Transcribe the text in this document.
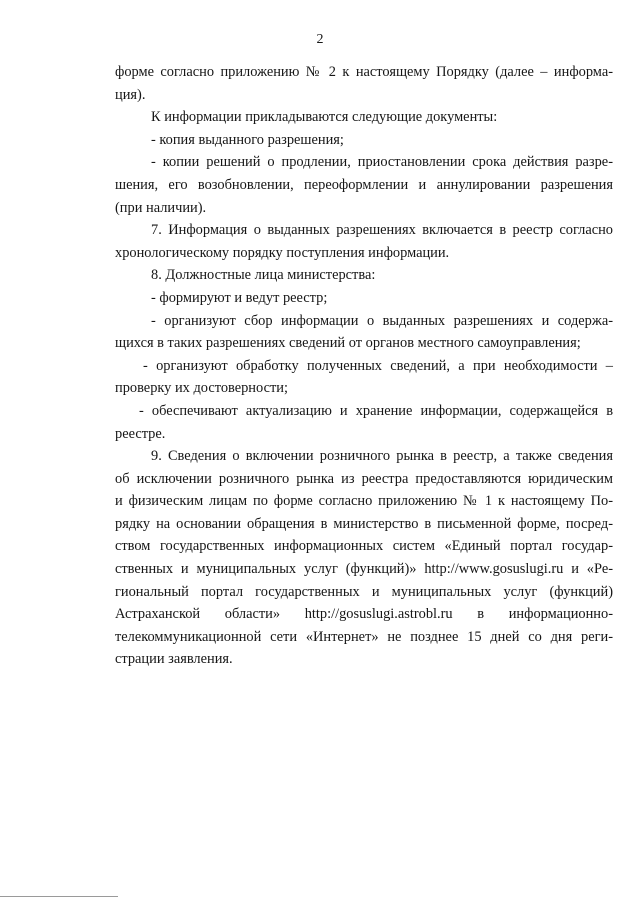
2
форме согласно приложению № 2 к настоящему Порядку (далее – информа-
ция).
К информации прикладываются следующие документы:
- копия выданного разрешения;
- копии решений о продлении, приостановлении срока действия разре-
шения, его возобновлении, переоформлении и аннулировании разрешения
(при наличии).
7. Информация о выданных разрешениях включается в реестр согласно
хронологическому порядку поступления информации.
8. Должностные лица министерства:
- формируют и ведут реестр;
- организуют сбор информации о выданных разрешениях и содержа-
щихся в таких разрешениях сведений от органов местного самоуправления;
- организуют обработку полученных сведений, а при необходимости –
проверку их достоверности;
- обеспечивают актуализацию и хранение информации, содержащейся в
реестре.
9. Сведения о включении розничного рынка в реестр, а также сведения
об исключении розничного рынка из реестра предоставляются юридическим
и физическим лицам по форме согласно приложению № 1 к настоящему По-
рядку на основании обращения в министерство в письменной форме, посред-
ством государственных информационных систем «Единый портал государ-
ственных и муниципальных услуг (функций)» http://www.gosuslugi.ru и «Ре-
гиональный портал государственных и муниципальных услуг (функций)
Астраханской области» http://gosuslugi.astrobl.ru в информационно-
телекоммуникационной сети «Интернет» не позднее 15 дней со дня реги-
страции заявления.
